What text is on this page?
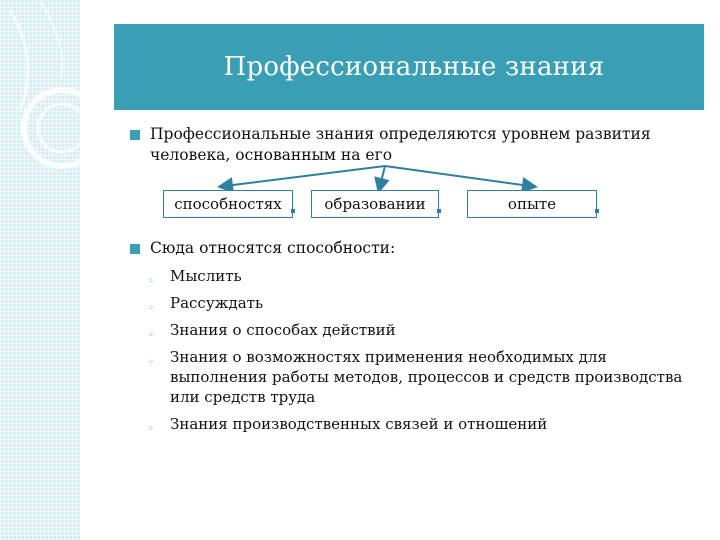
Профессиональные знания
Профессиональные знания определяются уровнем развития
человека, основанным на его
способностях	образовании	опыте
Сюда относятся способности:
◦ Мыслить
◦ Рассуждать
◦ Знания о способах действий
◦ Знания о возможностях применения необходимых для выполнения работы методов, процессов и средств производства или средств труда
◦ Знания производственных связей и отношений
